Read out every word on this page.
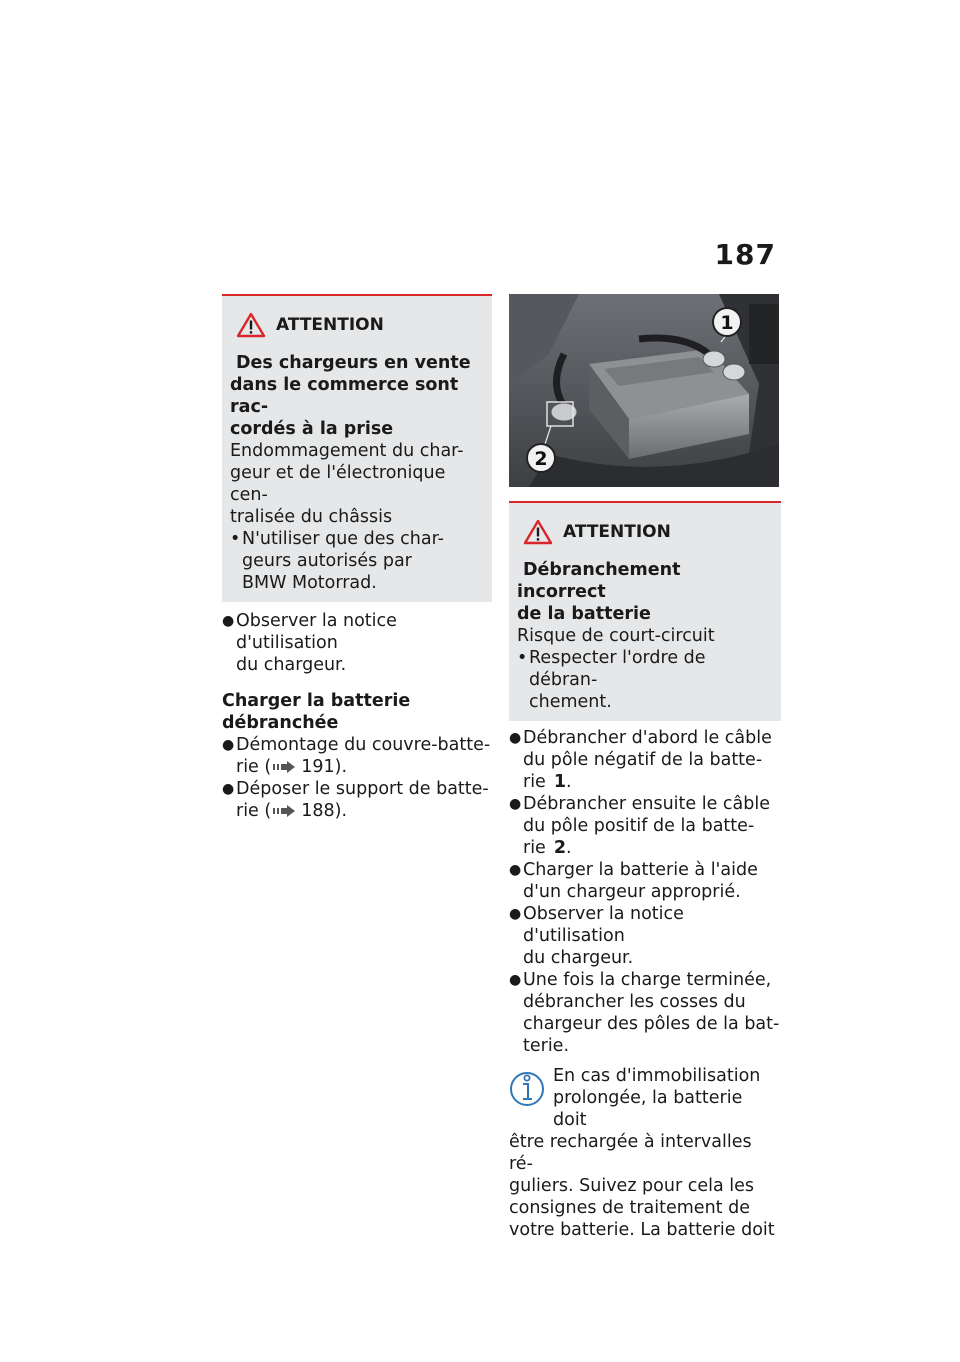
187
ATTENTION
Des chargeurs en vente
dans le commerce sont rac-
cordés à la prise
Endommagement du char-
geur et de l'électronique cen-
tralisée du châssis
• N'utiliser que des char-
geurs autorisés par
BMW Motorrad.
● Observer la notice d'utilisation
du chargeur.
Charger la batterie
débranchée
● Démontage du couvre-batte-
rie ( 191).
● Déposer le support de batte-
rie ( 188).
1
2
ATTENTION
Débranchement incorrect
de la batterie
Risque de court-circuit
• Respecter l'ordre de débran-
chement.
● Débrancher d'abord le câble
du pôle négatif de la batte-
rie 1.
● Débrancher ensuite le câble
du pôle positif de la batte-
rie 2.
● Charger la batterie à l'aide
d'un chargeur approprié.
● Observer la notice d'utilisation
du chargeur.
● Une fois la charge terminée,
débrancher les cosses du
chargeur des pôles de la bat-
terie.
En cas d'immobilisation
prolongée, la batterie doit
être rechargée à intervalles ré-
guliers. Suivez pour cela les
consignes de traitement de
votre batterie. La batterie doit
